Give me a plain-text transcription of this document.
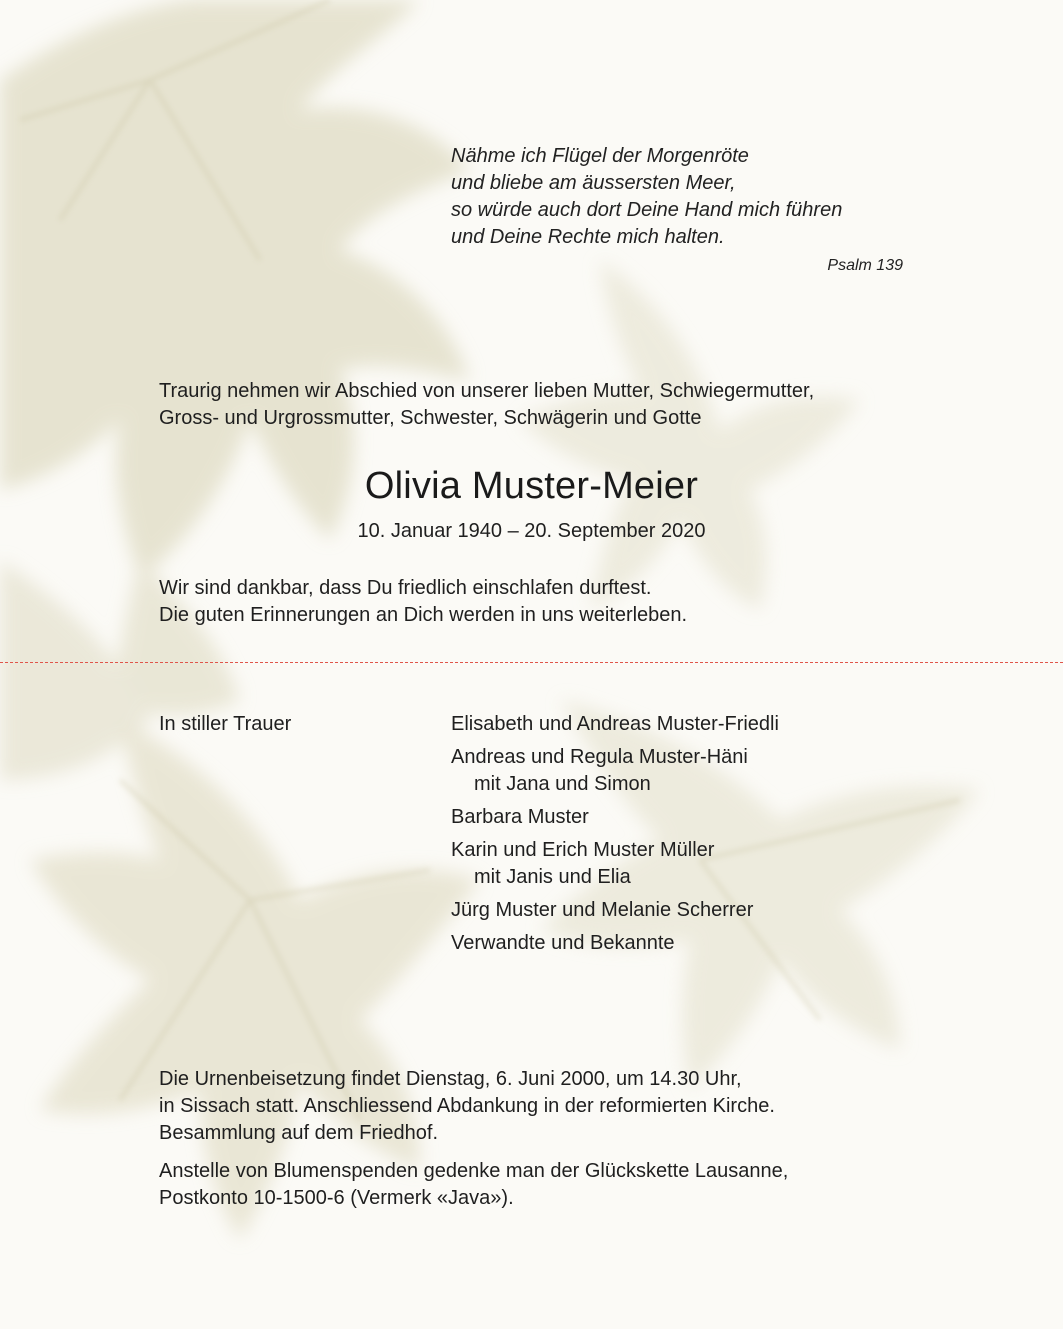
Nähme ich Flügel der Morgenröte
und bliebe am äussersten Meer,
so würde auch dort Deine Hand mich führen
und Deine Rechte mich halten.
Psalm 139
Traurig nehmen wir Abschied von unserer lieben Mutter, Schwiegermutter,
Gross- und Urgrossmutter, Schwester, Schwägerin und Gotte
Olivia Muster-Meier
10. Januar 1940 – 20. September 2020
Wir sind dankbar, dass Du friedlich einschlafen durftest.
Die guten Erinnerungen an Dich werden in uns weiterleben.
In stiller Trauer	Elisabeth und Andreas Muster-Friedli
Andreas und Regula Muster-Häni
mit Jana und Simon
Barbara Muster
Karin und Erich Muster Müller
mit Janis und Elia
Jürg Muster und Melanie Scherrer
Verwandte und Bekannte
Die Urnenbeisetzung findet Dienstag, 6. Juni 2000, um 14.30 Uhr,
in Sissach statt. Anschliessend Abdankung in der reformierten Kirche.
Besammlung auf dem Friedhof.
Anstelle von Blumenspenden gedenke man der Glückskette Lausanne,
Postkonto 10-1500-6 (Vermerk «Java»).
